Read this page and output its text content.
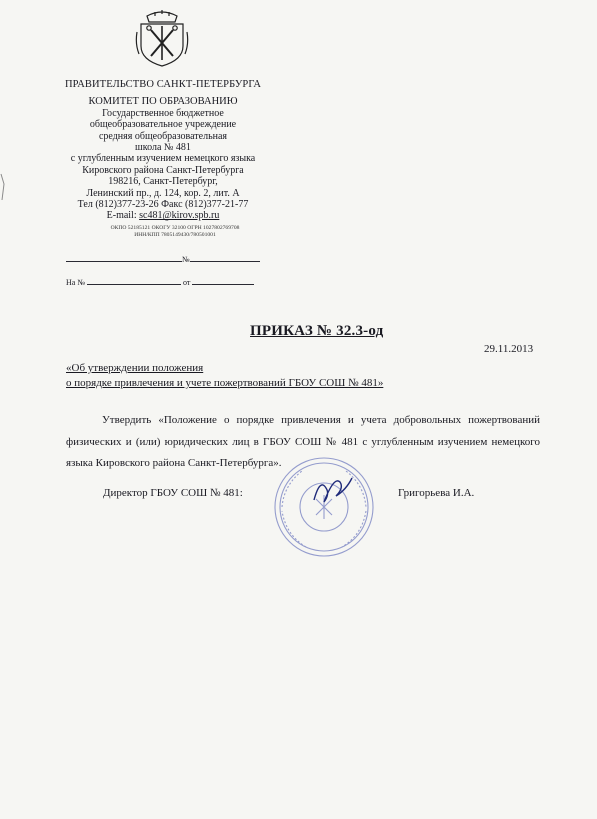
ПРАВИТЕЛЬСТВО САНКТ-ПЕТЕРБУРГА
КОМИТЕТ ПО ОБРАЗОВАНИЮ
Государственное бюджетное
общеобразовательное учреждение
средняя общеобразовательная
школа № 481
с углубленным изучением немецкого языка
Кировского района Санкт-Петербурга
198216, Санкт-Петербург,
Ленинский пр., д. 124, кор. 2, лит. А
Тел (812)377-23-26 Факс (812)377-21-77
E-mail: sc481@kirov.spb.ru
ОКПО 52185121 ОКОГУ 32100 ОГРН 1027802769708
ИНН/КПП 7805149430/780501001
№
На №	от
ПРИКАЗ № 32.3-од
29.11.2013
«Об утверждении положения
о порядке привлечения и учете пожертвований ГБОУ СОШ № 481»

Утвердить «Положение о порядке привлечения и учета добровольных пожертвований физических и (или) юридических лиц в ГБОУ СОШ № 481 с углубленным изучением немецкого языка Кировского района Санкт-Петербурга».

Директор ГБОУ СОШ № 481:	Григорьева И.А.
